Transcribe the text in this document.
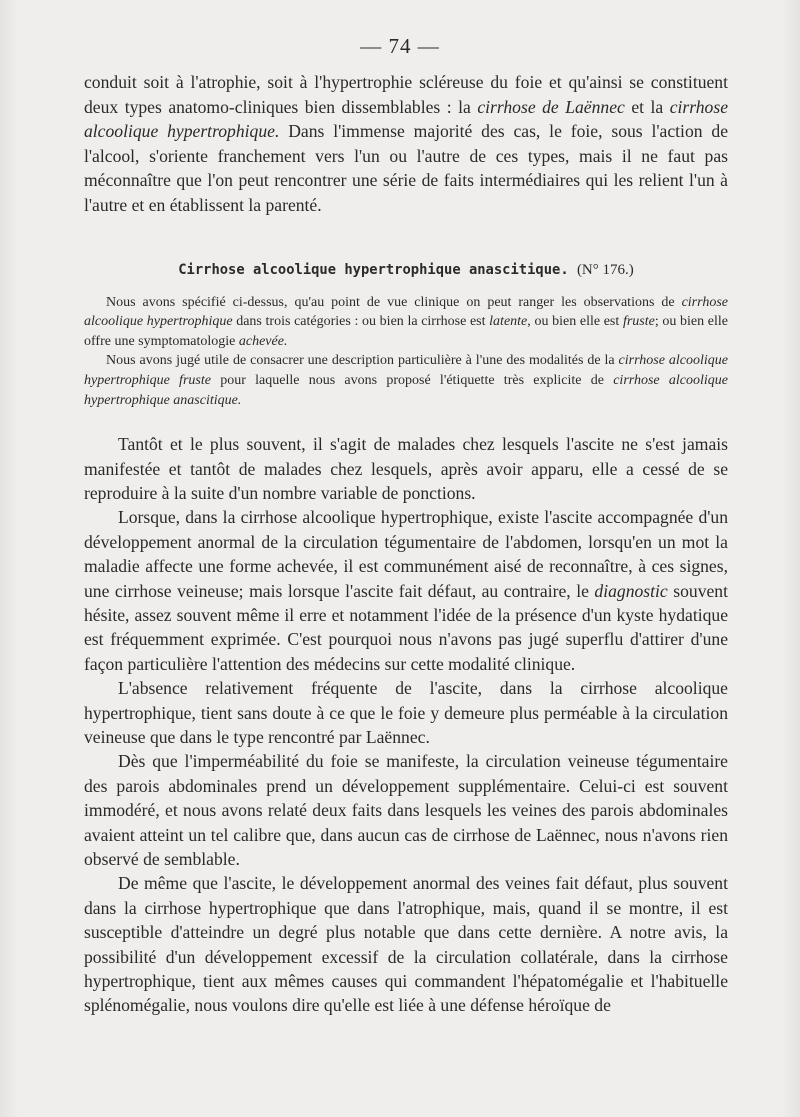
— 74 —

conduit soit à l'atrophie, soit à l'hypertrophie scléreuse du foie et qu'ainsi se constituent deux types anatomo-cliniques bien dissemblables : la cirrhose de Laënnec et la cirrhose alcoolique hypertrophique. Dans l'immense majorité des cas, le foie, sous l'action de l'alcool, s'oriente franchement vers l'un ou l'autre de ces types, mais il ne faut pas méconnaître que l'on peut rencontrer une série de faits intermédiaires qui les relient l'un à l'autre et en établissent la parenté.

Cirrhose alcoolique hypertrophique anascitique. (N° 176.)

Nous avons spécifié ci-dessus, qu'au point de vue clinique on peut ranger les observations de cirrhose alcoolique hypertrophique dans trois catégories : ou bien la cirrhose est latente, ou bien elle est fruste; ou bien elle offre une symptomatologie achevée.

Nous avons jugé utile de consacrer une description particulière à l'une des modalités de la cirrhose alcoolique hypertrophique fruste pour laquelle nous avons proposé l'étiquette très explicite de cirrhose alcoolique hypertrophique anascitique.

Tantôt et le plus souvent, il s'agit de malades chez lesquels l'ascite ne s'est jamais manifestée et tantôt de malades chez lesquels, après avoir apparu, elle a cessé de se reproduire à la suite d'un nombre variable de ponctions.

Lorsque, dans la cirrhose alcoolique hypertrophique, existe l'ascite accompagnée d'un développement anormal de la circulation tégumentaire de l'abdomen, lorsqu'en un mot la maladie affecte une forme achevée, il est communément aisé de reconnaître, à ces signes, une cirrhose veineuse; mais lorsque l'ascite fait défaut, au contraire, le diagnostic souvent hésite, assez souvent même il erre et notamment l'idée de la présence d'un kyste hydatique est fréquemment exprimée. C'est pourquoi nous n'avons pas jugé superflu d'attirer d'une façon particulière l'attention des médecins sur cette modalité clinique.

L'absence relativement fréquente de l'ascite, dans la cirrhose alcoolique hypertrophique, tient sans doute à ce que le foie y demeure plus perméable à la circulation veineuse que dans le type rencontré par Laënnec.

Dès que l'imperméabilité du foie se manifeste, la circulation veineuse tégumentaire des parois abdominales prend un développement supplémentaire. Celui-ci est souvent immodéré, et nous avons relaté deux faits dans lesquels les veines des parois abdominales avaient atteint un tel calibre que, dans aucun cas de cirrhose de Laënnec, nous n'avons rien observé de semblable.

De même que l'ascite, le développement anormal des veines fait défaut, plus souvent dans la cirrhose hypertrophique que dans l'atrophique, mais, quand il se montre, il est susceptible d'atteindre un degré plus notable que dans cette dernière. A notre avis, la possibilité d'un développement excessif de la circulation collatérale, dans la cirrhose hypertrophique, tient aux mêmes causes qui commandent l'hépatomégalie et l'habituelle splénomégalie, nous voulons dire qu'elle est liée à une défense héroïque de
